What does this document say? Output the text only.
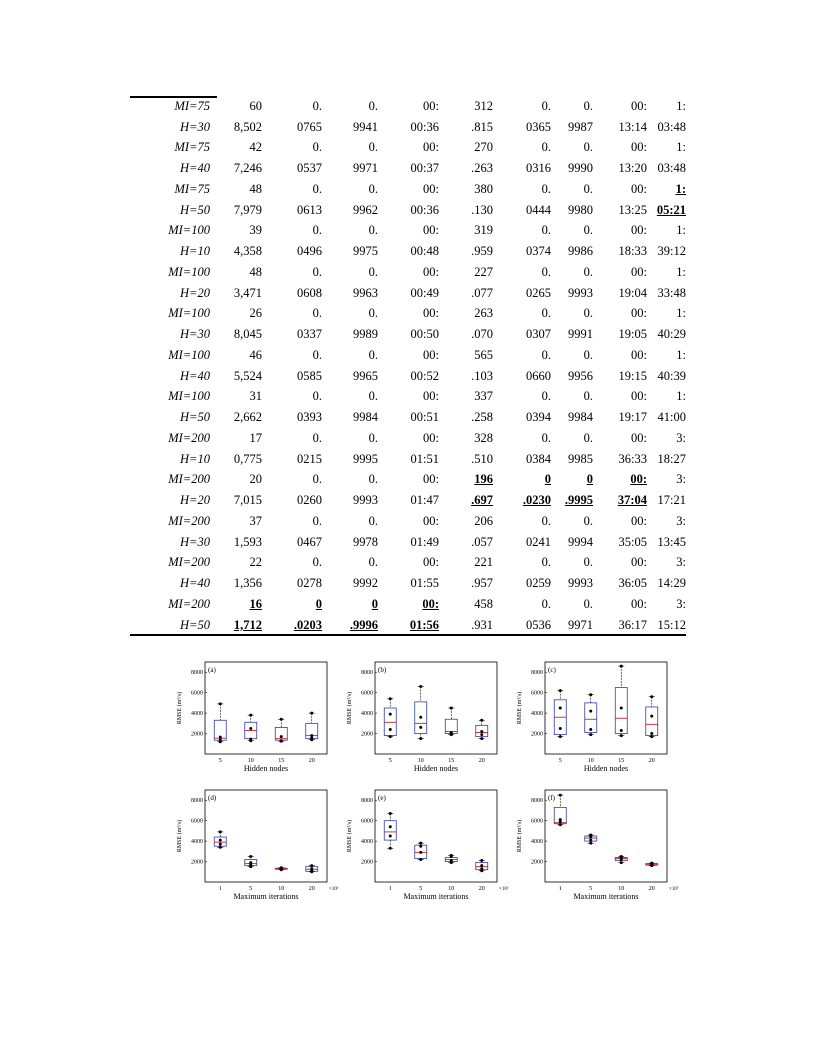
MI=75	60	0.	0.	00:	312	0.	0.	00:	1:
H=30	8,502	0765	9941	00:36	.815	0365	9987	13:14	03:48
MI=75	42	0.	0.	00:	270	0.	0.	00:	1:
H=40	7,246	0537	9971	00:37	.263	0316	9990	13:20	03:48
MI=75	48	0.	0.	00:	380	0.	0.	00:	1:
H=50	7,979	0613	9962	00:36	.130	0444	9980	13:25	05:21
MI=100	39	0.	0.	00:	319	0.	0.	00:	1:
H=10	4,358	0496	9975	00:48	.959	0374	9986	18:33	39:12
MI=100	48	0.	0.	00:	227	0.	0.	00:	1:
H=20	3,471	0608	9963	00:49	.077	0265	9993	19:04	33:48
MI=100	26	0.	0.	00:	263	0.	0.	00:	1:
H=30	8,045	0337	9989	00:50	.070	0307	9991	19:05	40:29
MI=100	46	0.	0.	00:	565	0.	0.	00:	1:
H=40	5,524	0585	9965	00:52	.103	0660	9956	19:15	40:39
MI=100	31	0.	0.	00:	337	0.	0.	00:	1:
H=50	2,662	0393	9984	00:51	.258	0394	9984	19:17	41:00
MI=200	17	0.	0.	00:	328	0.	0.	00:	3:
H=10	0,775	0215	9995	01:51	.510	0384	9985	36:33	18:27
MI=200	20	0.	0.	00:	196	0	0	00:	3:
H=20	7,015	0260	9993	01:47	.697	.0230	.9995	37:04	17:21
MI=200	37	0.	0.	00:	206	0.	0.	00:	3:
H=30	1,593	0467	9978	01:49	.057	0241	9994	35:05	13:45
MI=200	22	0.	0.	00:	221	0.	0.	00:	3:
H=40	1,356	0278	9992	01:55	.957	0259	9993	36:05	14:29
MI=200	16	0	0	00:	458	0.	0.	00:	3:
H=50	1,712	.0203	.9996	01:56	.931	0536	9971	36:17	15:12
(a)
2000
4000
6000
8000
RMSE (m³/s)
5	10	15	20
Hidden nodes
(b)
2000
4000
6000
8000
RMSE (m³/s)
5	10	15	20
Hidden nodes
(c)
2000
4000
6000
8000
RMSE (m³/s)
5	10	15	20
Hidden nodes
(d)
2000
4000
6000
8000
RMSE (m³/s)
1	5	10	20	×10³
Maximum iterations
(e)
2000
4000
6000
8000
RMSE (m³/s)
1	5	10	20	×10³
Maximum iterations
(f)
2000
4000
6000
8000
RMSE (m³/s)
1	5	10	20	×10³
Maximum iterations
